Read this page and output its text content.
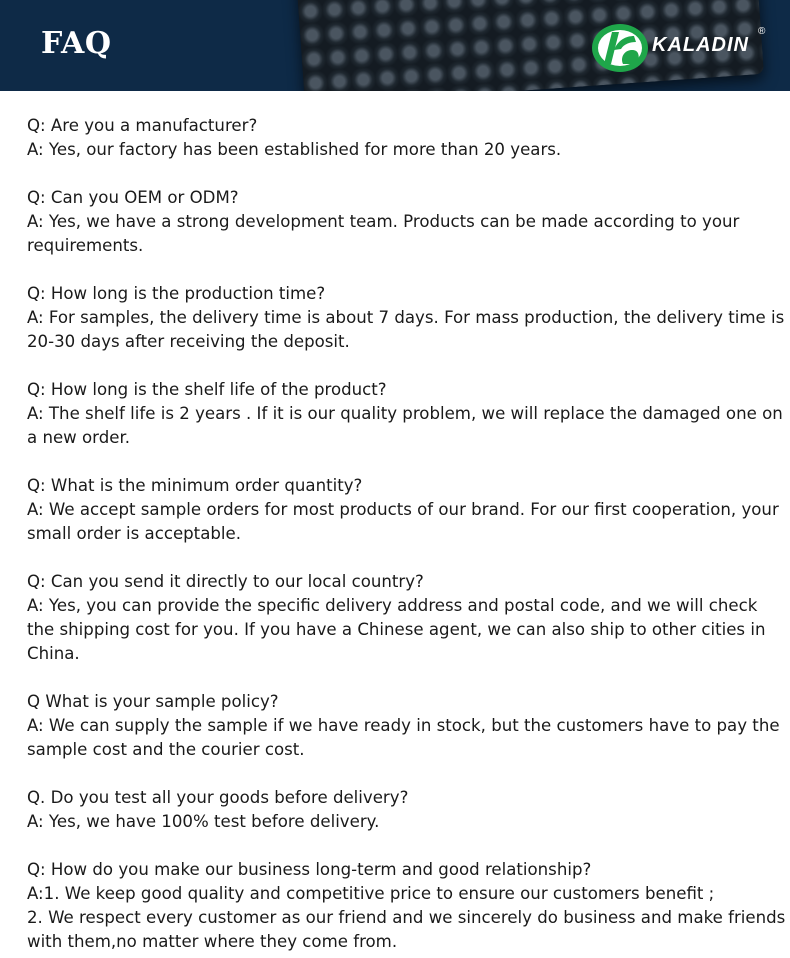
FAQ	KALADIN
®

Q: Are you a manufacturer?

A: Yes, our factory has been established for more than 20 years.

Q: Can you OEM or ODM?

A: Yes, we have a strong development team. Products can be made according to your requirements.

Q: How long is the production time?

A: For samples, the delivery time is about 7 days. For mass production, the delivery time is 20-30 days after receiving the deposit.

Q: How long is the shelf life of the product?

A: The shelf life is 2 years . If it is our quality problem, we will replace the damaged one on a new order.

Q: What is the minimum order quantity?

A: We accept sample orders for most products of our brand. For our first cooperation, your small order is acceptable.

Q: Can you send it directly to our local country?

A: Yes, you can provide the specific delivery address and postal code, and we will check the shipping cost for you. If you have a Chinese agent, we can also ship to other cities in China.

Q What is your sample policy?

A: We can supply the sample if we have ready in stock, but the customers have to pay the sample cost and the courier cost.

Q. Do you test all your goods before delivery?

A: Yes, we have 100% test before delivery.

Q: How do you make our business long-term and good relationship?

A:1. We keep good quality and competitive price to ensure our customers benefit ;

2. We respect every customer as our friend and we sincerely do business and make friends with them,no matter where they come from.
